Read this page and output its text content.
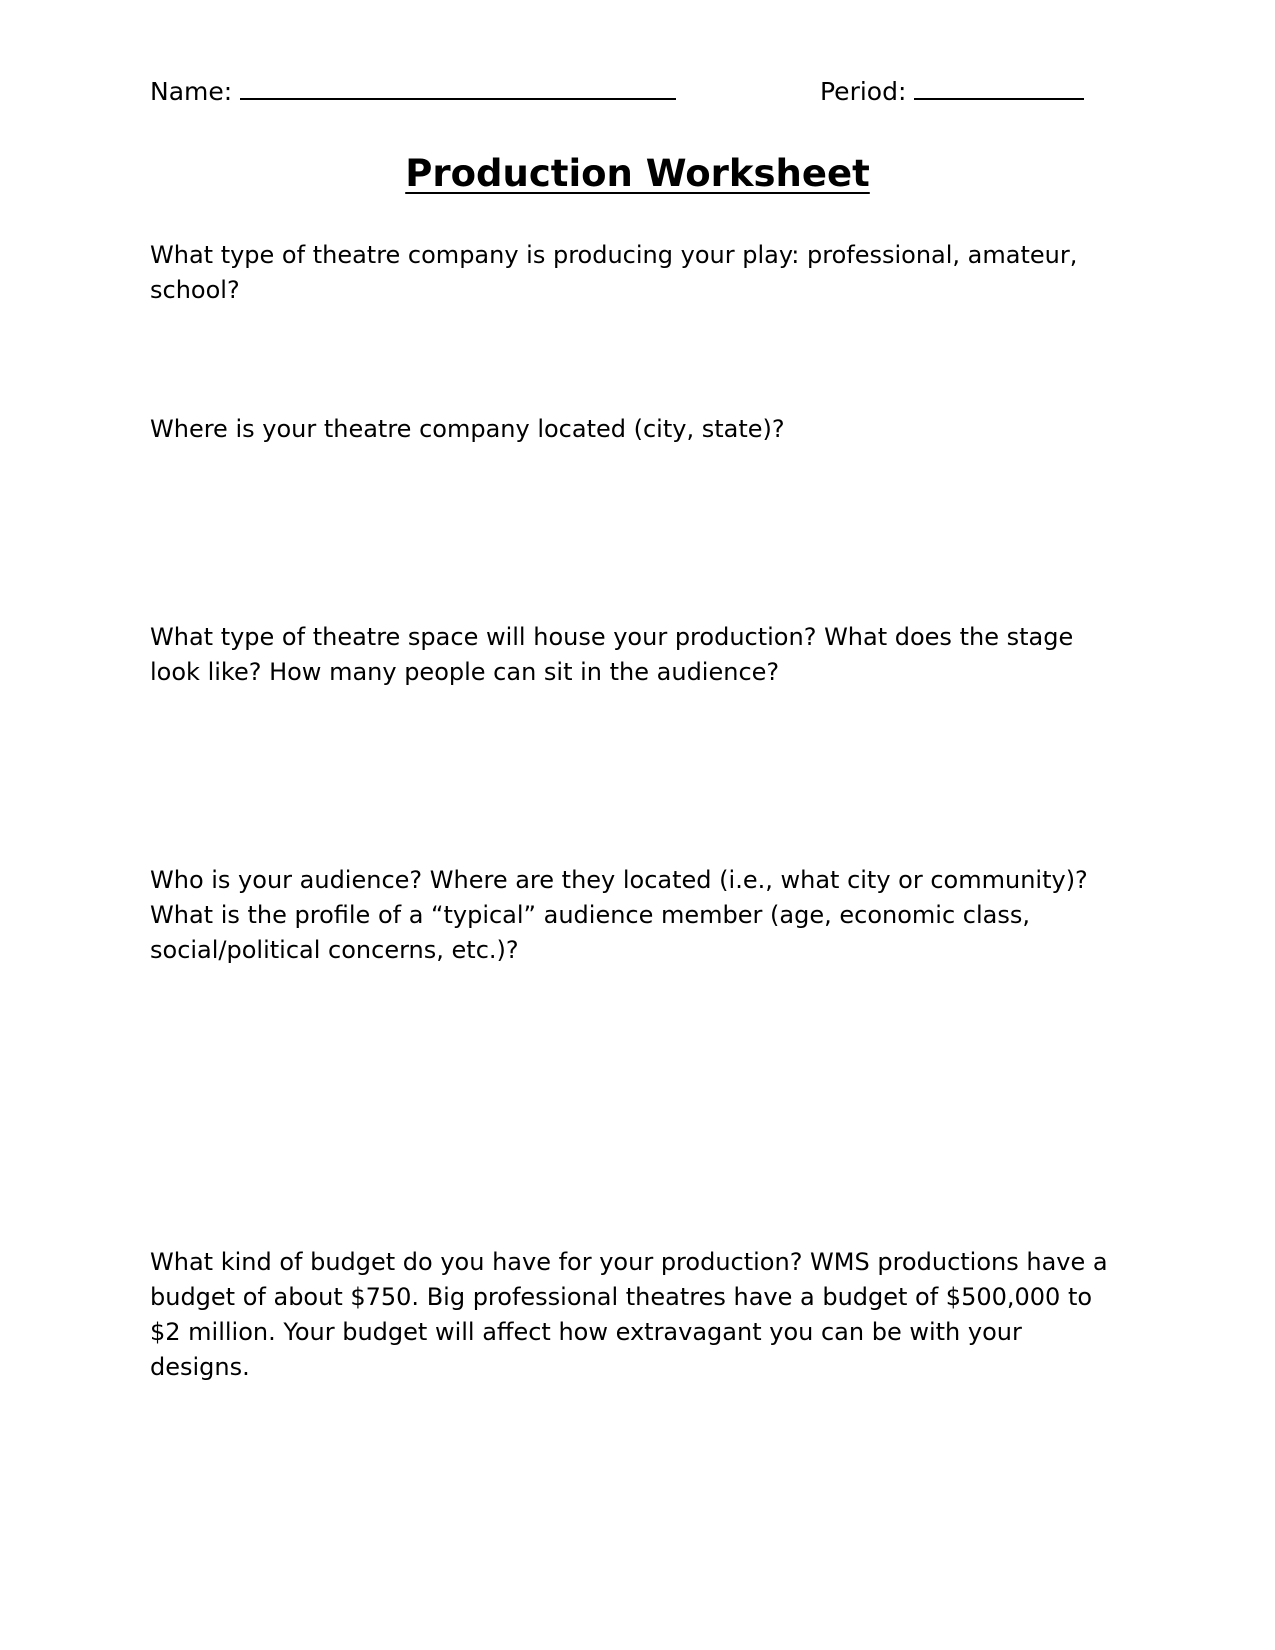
Name:	Period:
Production Worksheet

What type of theatre company is producing your play: professional, amateur, school?

Where is your theatre company located (city, state)?

What type of theatre space will house your production? What does the stage look like? How many people can sit in the audience?

Who is your audience? Where are they located (i.e., what city or community)? What is the profile of a “typical” audience member (age, economic class, social/political concerns, etc.)?

What kind of budget do you have for your production? WMS productions have a budget of about $750. Big professional theatres have a budget of $500,000 to $2 million. Your budget will affect how extravagant you can be with your designs.
